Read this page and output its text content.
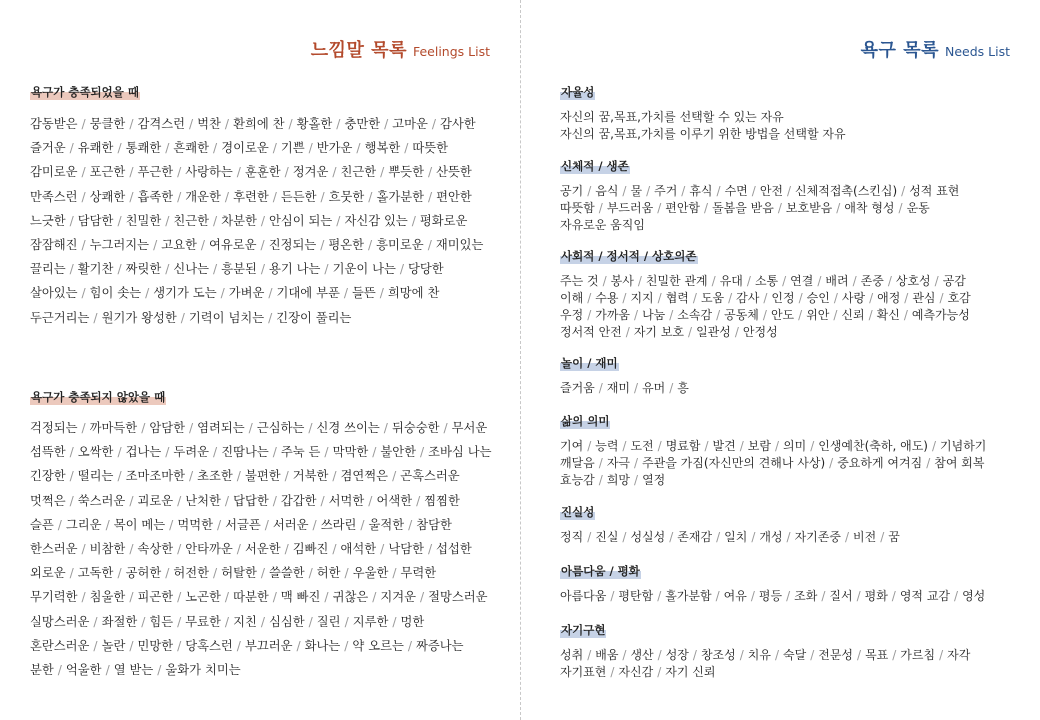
느낌말 목록 Feelings List
욕구가 충족되었을 때
감동받은 / 뭉클한 / 감격스런 / 벅찬 / 환희에 찬 / 황홀한 / 충만한 / 고마운 / 감사한
즐거운 / 유쾌한 / 통쾌한 / 흔쾌한 / 경이로운 / 기쁜 / 반가운 / 행복한 / 따뜻한
감미로운 / 포근한 / 푸근한 / 사랑하는 / 훈훈한 / 정겨운 / 친근한 / 뿌듯한 / 산뜻한
만족스런 / 상쾌한 / 흡족한 / 개운한 / 후련한 / 든든한 / 흐뭇한 / 홀가분한 / 편안한
느긋한 / 담담한 / 친밀한 / 친근한 / 차분한 / 안심이 되는 / 자신감 있는 / 평화로운
잠잠해진 / 누그러지는 / 고요한 / 여유로운 / 진정되는 / 평온한 / 흥미로운 / 재미있는
끌리는 / 활기찬 / 짜릿한 / 신나는 / 흥분된 / 용기 나는 / 기운이 나는 / 당당한
살아있는 / 힘이 솟는 / 생기가 도는 / 가벼운 / 기대에 부푼 / 들뜬 / 희망에 찬
두근거리는 / 원기가 왕성한 / 기력이 넘치는 / 긴장이 풀리는
욕구가 충족되지 않았을 때
걱정되는 / 까마득한 / 암담한 / 염려되는 / 근심하는 / 신경 쓰이는 / 뒤숭숭한 / 무서운
섬뜩한 / 오싹한 / 겁나는 / 두려운 / 진땀나는 / 주눅 든 / 막막한 / 불안한 / 조바심 나는
긴장한 / 떨리는 / 조마조마한 / 초조한 / 불편한 / 거북한 / 겸연쩍은 / 곤혹스러운
멋쩍은 / 쑥스러운 / 괴로운 / 난처한 / 답답한 / 갑갑한 / 서먹한 / 어색한 / 찜찜한
슬픈 / 그리운 / 목이 메는 / 먹먹한 / 서글픈 / 서러운 / 쓰라린 / 울적한 / 참담한
한스러운 / 비참한 / 속상한 / 안타까운 / 서운한 / 김빠진 / 애석한 / 낙담한 / 섭섭한
외로운 / 고독한 / 공허한 / 허전한 / 허탈한 / 쓸쓸한 / 허한 / 우울한 / 무력한
무기력한 / 침울한 / 피곤한 / 노곤한 / 따분한 / 맥 빠진 / 귀찮은 / 지겨운 / 절망스러운
실망스러운 / 좌절한 / 힘든 / 무료한 / 지친 / 심심한 / 질린 / 지루한 / 멍한
혼란스러운 / 놀란 / 민망한 / 당혹스런 / 부끄러운 / 화나는 / 약 오르는 / 짜증나는
분한 / 억울한 / 열 받는 / 울화가 치미는
욕구 목록 Needs List
자율성
자신의 꿈,목표,가치를 선택할 수 있는 자유
자신의 꿈,목표,가치를 이루기 위한 방법을 선택할 자유
신체적 / 생존
공기 / 음식 / 물 / 주거 / 휴식 / 수면 / 안전 / 신체적접촉(스킨십) / 성적 표현
따뜻함 / 부드러움 / 편안함 / 돌봄을 받음 / 보호받음 / 애착 형성 / 운동
자유로운 움직임
사회적 / 정서적 / 상호의존
주는 것 / 봉사 / 친밀한 관계 / 유대 / 소통 / 연결 / 배려 / 존중 / 상호성 / 공감
이해 / 수용 / 지지 / 협력 / 도움 / 감사 / 인정 / 승인 / 사랑 / 애정 / 관심 / 호감
우정 / 가까움 / 나눔 / 소속감 / 공동체 / 안도 / 위안 / 신뢰 / 확신 / 예측가능성
정서적 안전 / 자기 보호 / 일관성 / 안정성
놀이 / 재미
즐거움 / 재미 / 유머 / 흥
삶의 의미
기여 / 능력 / 도전 / 명료함 / 발견 / 보람 / 의미 / 인생예찬(축하, 애도) / 기념하기
깨달음 / 자극 / 주관을 가짐(자신만의 견해나 사상) / 중요하게 여겨짐 / 참여 회복
효능감 / 희망 / 열정
진실성
정직 / 진실 / 성실성 / 존재감 / 일치 / 개성 / 자기존중 / 비전 / 꿈
아름다움 / 평화
아름다움 / 평탄함 / 홀가분함 / 여유 / 평등 / 조화 / 질서 / 평화 / 영적 교감 / 영성
자기구현
성취 / 배움 / 생산 / 성장 / 창조성 / 치유 / 숙달 / 전문성 / 목표 / 가르침 / 자각
자기표현 / 자신감 / 자기 신뢰
